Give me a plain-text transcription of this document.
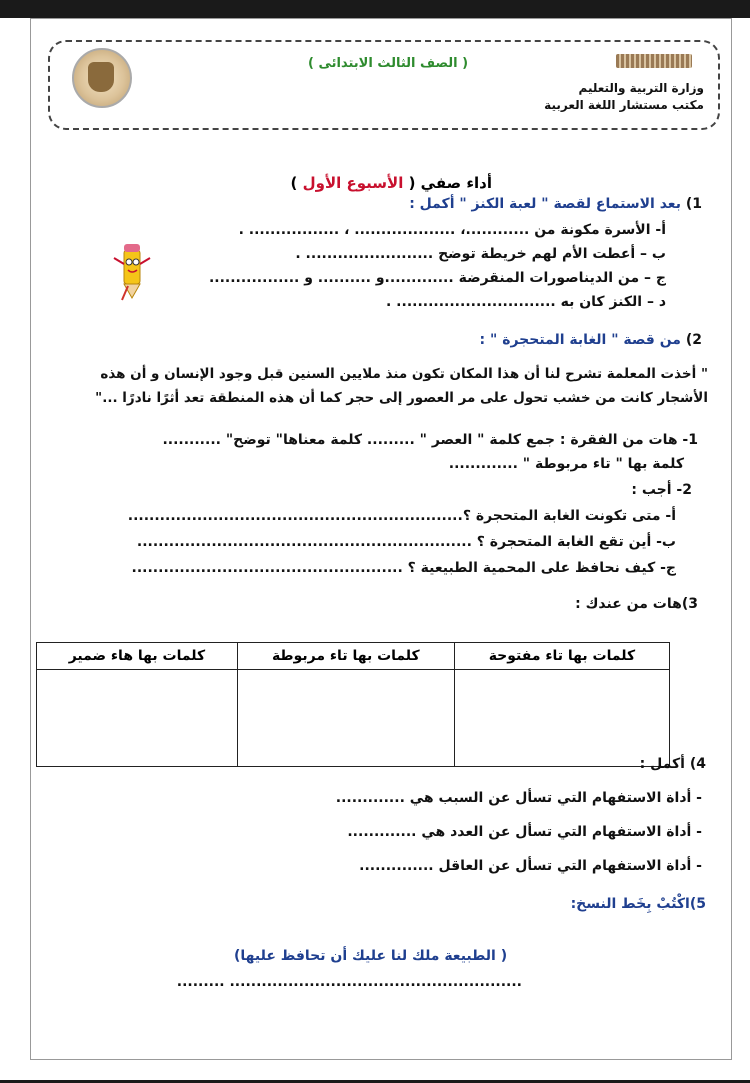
( الصف الثالث الابتدائى )
وزارة التربية والتعليم
مكتب مستشار اللغة العربية
أداء صفي ( الأسبوع الأول )
1) بعد الاستماع لقصة " لعبة الكنز " أكمل :
أ- الأسرة مكونة من ............، ................... ، ................. .
ب – أعطت الأم لهم خريطة توضح ........................ .
ج – من الديناصورات المنقرضة .............و .......... و .................
د – الكنز كان به .............................. .
2) من قصة " الغابة المتحجرة " :
" أخذت المعلمة تشرح لنا أن هذا المكان تكون منذ ملايين السنين قبل وجود الإنسان و أن هذه
الأشجار كانت من خشب تحول على مر العصور إلى حجر كما أن هذه المنطقة تعد أثرًا نادرًا ..."
1- هات من الفقرة : جمع كلمة " العصر " ......... كلمة معناها" توضح" ...........
كلمة بها " تاء مربوطة " .............
2- أجب :
أ- متى تكونت الغابة المتحجرة ؟...............................................................
ب- أين تقع الغابة المتحجرة ؟ ...............................................................
ج- كيف نحافظ على المحمية الطبيعية ؟ ...................................................
3)هات من عندك :
كلمات بها تاء مفتوحة	كلمات بها تاء مربوطة	كلمات بها هاء ضمير

4) أكمل :
- أداة الاستفهام التي تسأل عن السبب هي .............
- أداة الاستفهام التي تسأل عن العدد هي .............
- أداة الاستفهام التي تسأل عن العاقل ..............
5)اكْتُبْ بِخَط النسخ:
( الطبيعة ملك لنا عليك أن تحافظ عليها)
....................................................... .........
